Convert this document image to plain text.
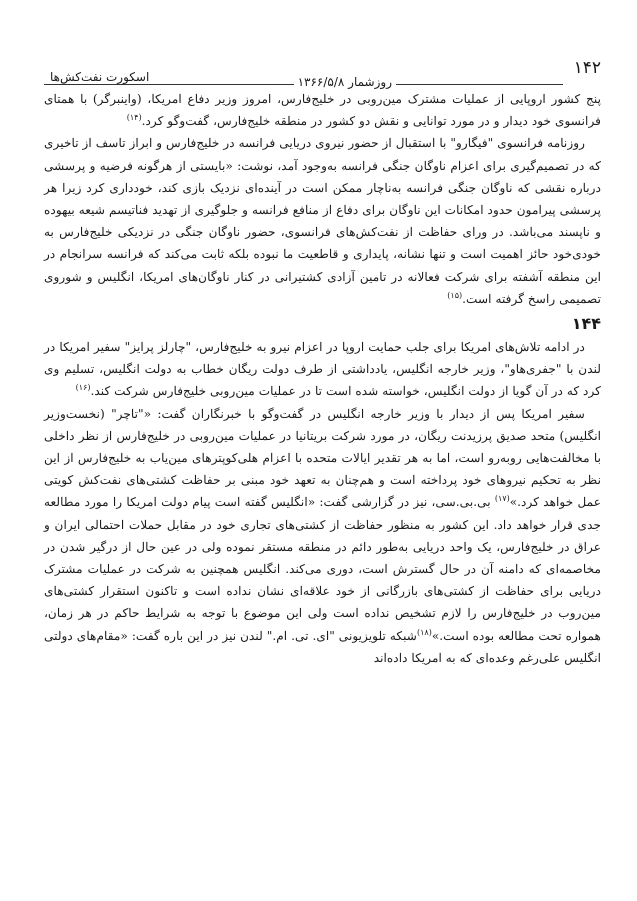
۱۴۲
روزشمار ۱۳۶۶/۵/۸
اسکورت نفت‌کش‌ها

پنج کشور اروپایی از عملیات مشترک مین‌روبی در خلیج‌فارس، امروز وزیر دفاع امریکا، (واینبرگر) با همتای فرانسوی خود دیدار و در مورد توانایی و نقش دو کشور در منطقه خلیج‌فارس، گفت‌وگو کرد.$^{(۱۴)}$

روزنامه فرانسوی "فیگارو" با استقبال از حضور نیروی دریایی فرانسه در خلیج‌فارس و ابراز تاسف از تاخیری که در تصمیم‌گیری برای اعزام ناوگان جنگی فرانسه به‌وجود آمد، نوشت: «بایستی از هرگونه فرضیه و پرسشی درباره نقشی که ناوگان جنگی فرانسه به‌ناچار ممکن است در آینده‌ای نزدیک بازی کند، خودداری کرد زیرا هر پرسشی پیرامون حدود امکانات این ناوگان برای دفاع از منافع فرانسه و جلوگیری از تهدید فناتیسم شیعه بیهوده و ناپسند می‌باشد. در ورای حفاظت از نفت‌کش‌های فرانسوی، حضور ناوگان جنگی در نزدیکی خلیج‌فارس به خودی‌خود حائز اهمیت است و تنها نشانه، پایداری و قاطعیت ما نبوده بلکه ثابت می‌کند که فرانسه سرانجام در این منطقه آشفته برای شرکت فعالانه در تامین آزادی کشتیرانی در کنار ناوگان‌های امریکا، انگلیس و شوروی تصمیمی راسخ گرفته است.$^{(۱۵)}$

۱۴۴

در ادامه تلاش‌های امریکا برای جلب حمایت اروپا در اعزام نیرو به خلیج‌فارس، "چارلز پرایز" سفیر امریکا در لندن با "جفری‌هاو"، وزیر خارجه انگلیس، یادداشتی از طرف دولت ریگان خطاب به دولت انگلیس، تسلیم وی کرد که در آن گویا از دولت انگلیس، خواسته شده است تا در عملیات مین‌روبی خلیج‌فارس شرکت کند.$^{(۱۶)}$

سفیر امریکا پس از دیدار با وزیر خارجه انگلیس در گفت‌وگو با خبرنگاران گفت: «"تاچر" (نخست‌وزیر انگلیس) متحد صدیق پرزیدنت ریگان، در مورد شرکت بریتانیا در عملیات مین‌روبی در خلیج‌فارس از نظر داخلی با مخالفت‌هایی روبه‌رو است، اما به هر تقدیر ایالات متحده با اعزام هلی‌کوپترهای مین‌یاب به خلیج‌فارس از این نظر به تحکیم نیروهای خود پرداخته است و هم‌چنان به تعهد خود مبنی بر حفاظت کشتی‌های نفت‌کش کویتی عمل خواهد کرد.»$^{(۱۷)}$ بی.بی.سی، نیز در گزارشی گفت: «انگلیس گفته است پیام دولت امریکا را مورد مطالعه جدی قرار خواهد داد. این کشور به منظور حفاظت از کشتی‌های تجاری خود در مقابل حملات احتمالی ایران و عراق در خلیج‌فارس، یک واحد دریایی به‌طور دائم در منطقه مستقر نموده ولی در عین حال از درگیر شدن در مخاصمه‌ای که دامنه آن در حال گسترش است، دوری می‌کند. انگلیس همچنین به شرکت در عملیات مشترک دریایی برای حفاظت از کشتی‌های بازرگانی از خود علاقه‌ای نشان نداده است و تاکنون استقرار کشتی‌های مین‌روب در خلیج‌فارس را لازم تشخیص نداده است ولی این موضوع با توجه به شرایط حاکم در هر زمان، همواره تحت مطالعه بوده است.»$^{(۱۸)}$شبکه تلویزیونی "ای. تی. ام." لندن نیز در این باره گفت: «مقام‌های دولتی انگلیس علی‌رغم وعده‌ای که به امریکا داده‌اند
